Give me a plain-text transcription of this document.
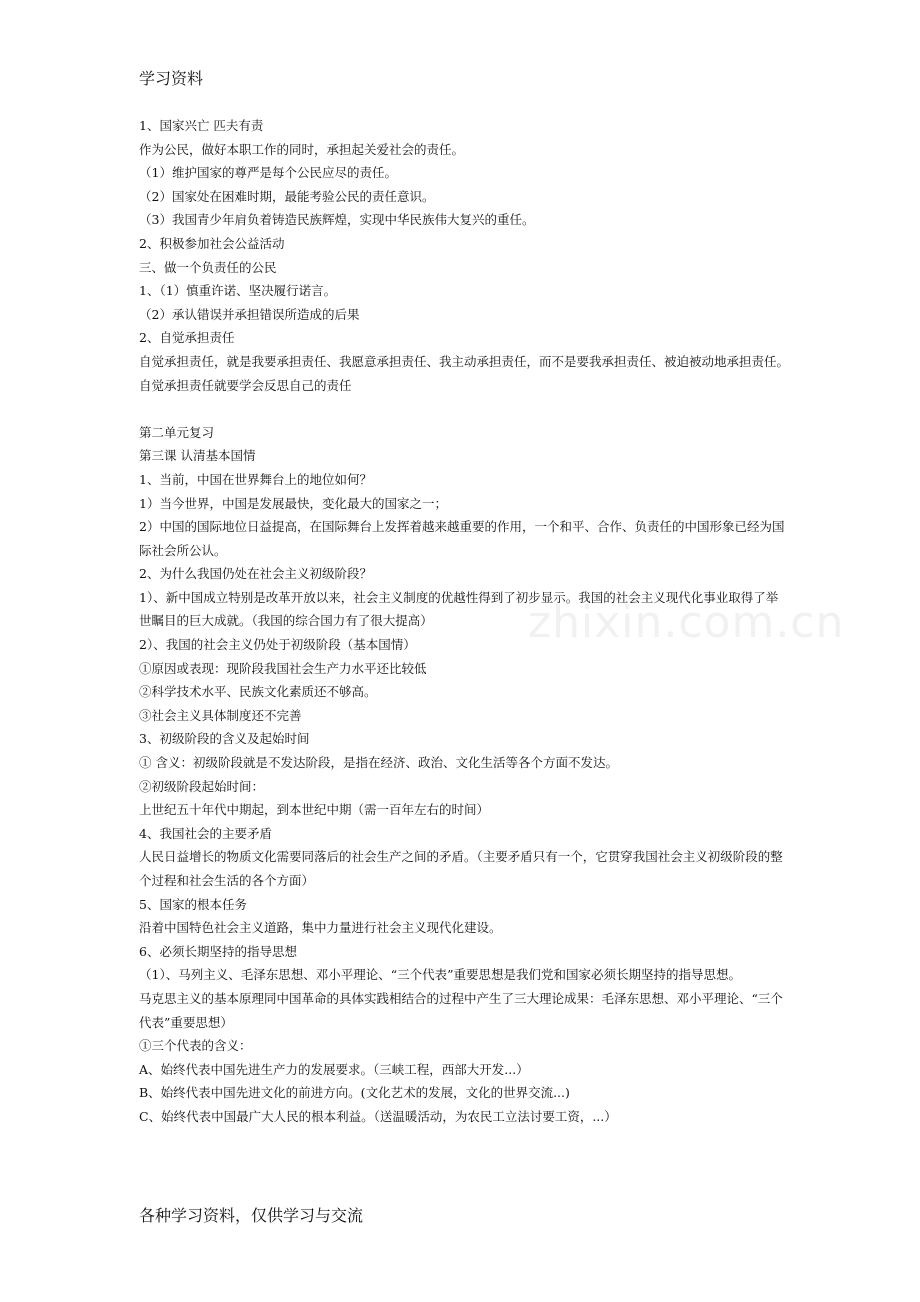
学习资料
zhixin.com.cn
1、国家兴亡 匹夫有责
作为公民，做好本职工作的同时，承担起关爱社会的责任。
（1）维护国家的尊严是每个公民应尽的责任。
（2）国家处在困难时期，最能考验公民的责任意识。
（3）我国青少年肩负着铸造民族辉煌，实现中华民族伟大复兴的重任。
2、积极参加社会公益活动
三、做一个负责任的公民
1、（1）慎重许诺、坚决履行诺言。
（2）承认错误并承担错误所造成的后果
2、自觉承担责任
自觉承担责任，就是我要承担责任、我愿意承担责任、我主动承担责任，而不是要我承担责任、被迫被动地承担责任。自觉承担责任就要学会反思自己的责任
第二单元复习
第三课 认清基本国情
1、当前，中国在世界舞台上的地位如何？
1）当今世界，中国是发展最快，变化最大的国家之一；
2）中国的国际地位日益提高，在国际舞台上发挥着越来越重要的作用，一个和平、合作、负责任的中国形象已经为国际社会所公认。
2、为什么我国仍处在社会主义初级阶段？
1）、新中国成立特别是改革开放以来，社会主义制度的优越性得到了初步显示。我国的社会主义现代化事业取得了举世瞩目的巨大成就。（我国的综合国力有了很大提高）
2）、我国的社会主义仍处于初级阶段（基本国情）
①原因或表现：现阶段我国社会生产力水平还比较低
②科学技术水平、民族文化素质还不够高。
③社会主义具体制度还不完善
3、初级阶段的含义及起始时间
① 含义：初级阶段就是不发达阶段，是指在经济、政治、文化生活等各个方面不发达。
②初级阶段起始时间：
上世纪五十年代中期起，到本世纪中期（需一百年左右的时间）
4、我国社会的主要矛盾
人民日益增长的物质文化需要同落后的社会生产之间的矛盾。（主要矛盾只有一个，它贯穿我国社会主义初级阶段的整个过程和社会生活的各个方面）
5、国家的根本任务
沿着中国特色社会主义道路，集中力量进行社会主义现代化建设。
6、必须长期坚持的指导思想
（1）、马列主义、毛泽东思想、邓小平理论、“三个代表”重要思想是我们党和国家必须长期坚持的指导思想。
马克思主义的基本原理同中国革命的具体实践相结合的过程中产生了三大理论成果：毛泽东思想、邓小平理论、“三个代表”重要思想）
①三个代表的含义：
A、始终代表中国先进生产力的发展要求。（三峡工程，西部大开发...）
B、始终代表中国先进文化的前进方向。(文化艺术的发展，文化的世界交流...)
C、始终代表中国最广大人民的根本利益。（送温暖活动，为农民工立法讨要工资，...）
各种学习资料，仅供学习与交流
